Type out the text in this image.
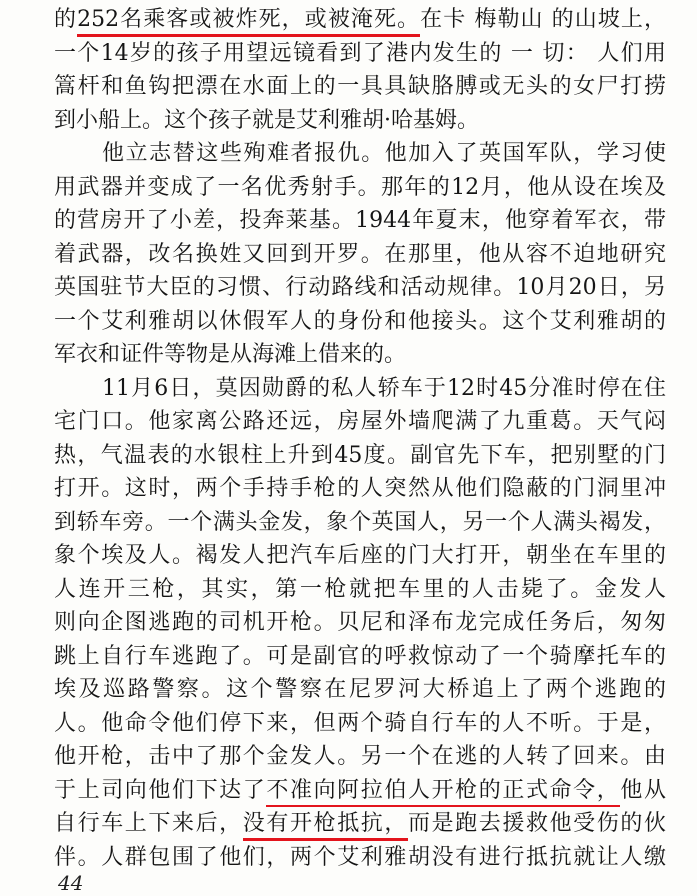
的252名乘客或被炸死，或被淹死。在卡 梅勒山 的山坡上，
一个14岁的孩子用望远镜看到了港内发生的 一 切： 人们用
篙杆和鱼钩把漂在水面上的一具具缺胳膊或无头的女尸打捞
到小船上。这个孩子就是艾利雅胡·哈基姆。
他立志替这些殉难者报仇。他加入了英国军队，学习使
用武器并变成了一名优秀射手。那年的12月，他从设在埃及
的营房开了小差，投奔莱基。1944年夏末，他穿着军衣，带
着武器，改名换姓又回到开罗。在那里，他从容不迫地研究
英国驻节大臣的习惯、行动路线和活动规律。10月20日，另
一个艾利雅胡以休假军人的身份和他接头。这个艾利雅胡的
军衣和证件等物是从海滩上借来的。
11月6日，莫因勋爵的私人轿车于12时45分准时停在住
宅门口。他家离公路还远，房屋外墙爬满了九重葛。天气闷
热，气温表的水银柱上升到45度。副官先下车，把别墅的门
打开。这时，两个手持手枪的人突然从他们隐蔽的门洞里冲
到轿车旁。一个满头金发，象个英国人，另一个人满头褐发，
象个埃及人。褐发人把汽车后座的门大打开，朝坐在车里的
人连开三枪，其实，第一枪就把车里的人击毙了。金发人
则向企图逃跑的司机开枪。贝尼和泽布龙完成任务后，匆匆
跳上自行车逃跑了。可是副官的呼救惊动了一个骑摩托车的
埃及巡路警察。这个警察在尼罗河大桥追上了两个逃跑的
人。他命令他们停下来，但两个骑自行车的人不听。于是，
他开枪，击中了那个金发人。另一个在逃的人转了回来。由
于上司向他们下达了不准向阿拉伯人开枪的正式命令，他从
自行车上下来后，没有开枪抵抗，而是跑去援救他受伤的伙
伴。人群包围了他们，两个艾利雅胡没有进行抵抗就让人缴
44
